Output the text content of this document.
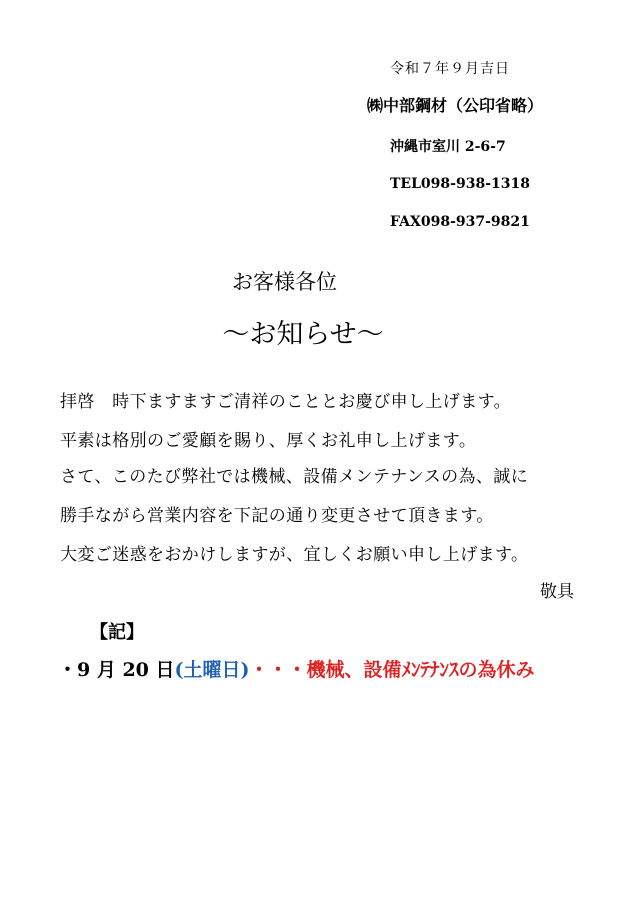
令和７年９月吉日
㈱中部鋼材（公印省略）
沖縄市室川 2-6-7
TEL098-938-1318
FAX098-937-9821
お客様各位
～お知らせ～
拝啓　時下ますますご清祥のこととお慶び申し上げます。
平素は格別のご愛顧を賜り、厚くお礼申し上げます。
さて、このたび弊社では機械、設備メンテナンスの為、誠に
勝手ながら営業内容を下記の通り変更させて頂きます。
大変ご迷惑をおかけしますが、宜しくお願い申し上げます。
敬具
【記】
・9 月 20 日(土曜日)・・・機械、設備ﾒﾝﾃﾅﾝｽの為休み
